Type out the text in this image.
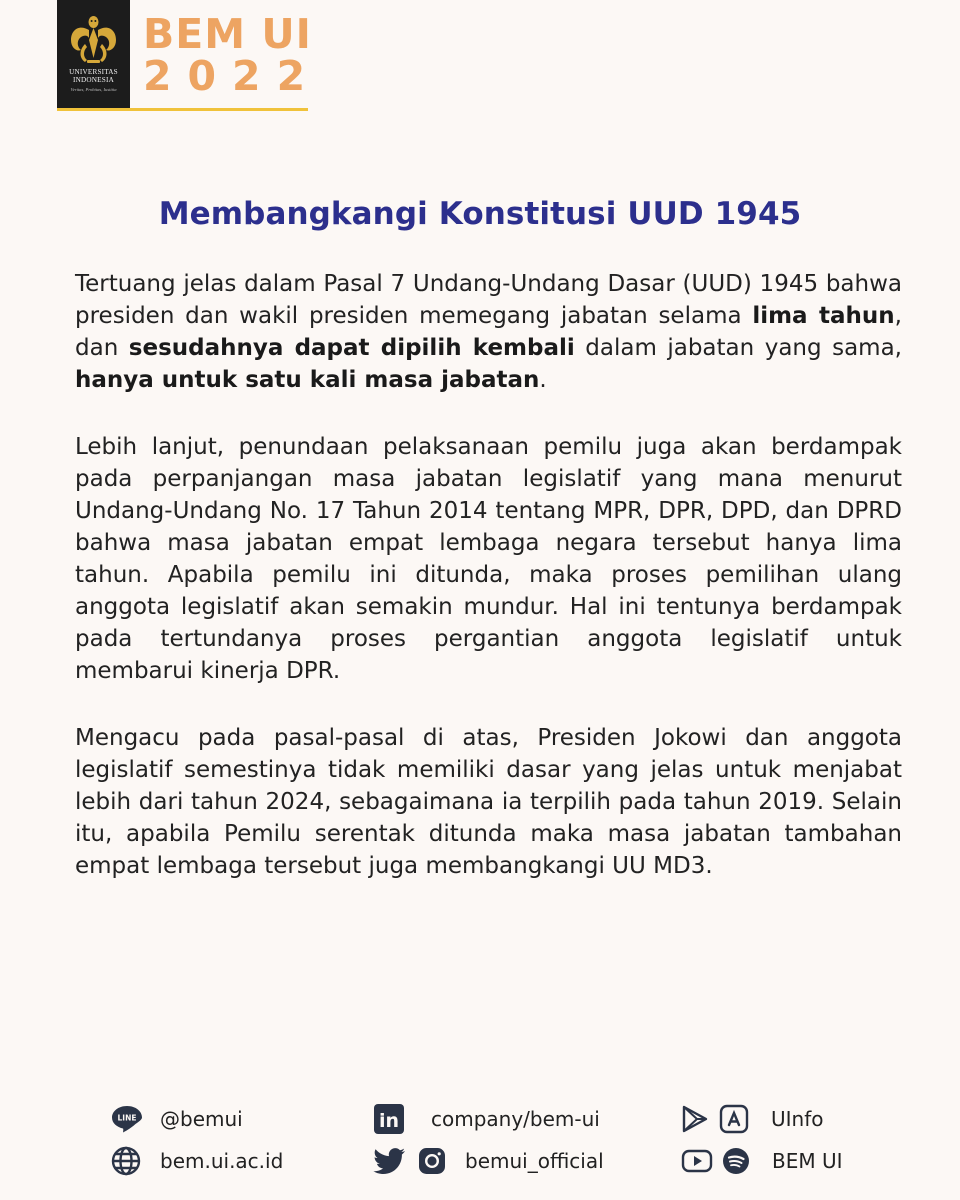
UNIVERSITAS
INDONESIA
Veritas, Probitas, Iustitia
BEM UI
2022
Membangkangi Konstitusi UUD 1945

Tertuang jelas dalam Pasal 7 Undang-Undang Dasar (UUD) 1945 bahwa presiden dan wakil presiden memegang jabatan selama lima tahun, dan sesudahnya dapat dipilih kembali dalam jabatan yang sama, hanya untuk satu kali masa jabatan.

Lebih lanjut, penundaan pelaksanaan pemilu juga akan berdampak pada perpanjangan masa jabatan legislatif yang mana menurut Undang-Undang No. 17 Tahun 2014 tentang MPR, DPR, DPD, dan DPRD bahwa masa jabatan empat lembaga negara tersebut hanya lima tahun. Apabila pemilu ini ditunda, maka proses pemilihan ulang anggota legislatif akan semakin mundur. Hal ini tentunya berdampak pada tertundanya proses pergantian anggota legislatif untuk membarui kinerja DPR.

Mengacu pada pasal-pasal di atas, Presiden Jokowi dan anggota legislatif semestinya tidak memiliki dasar yang jelas untuk menjabat lebih dari tahun 2024, sebagaimana ia terpilih pada tahun 2019. Selain itu, apabila Pemilu serentak ditunda maka masa jabatan tambahan empat lembaga tersebut juga membangkangi UU MD3.

LINE @bemui
bem.ui.ac.id
in company/bem-ui
bemui_official
UInfo
BEM UI
